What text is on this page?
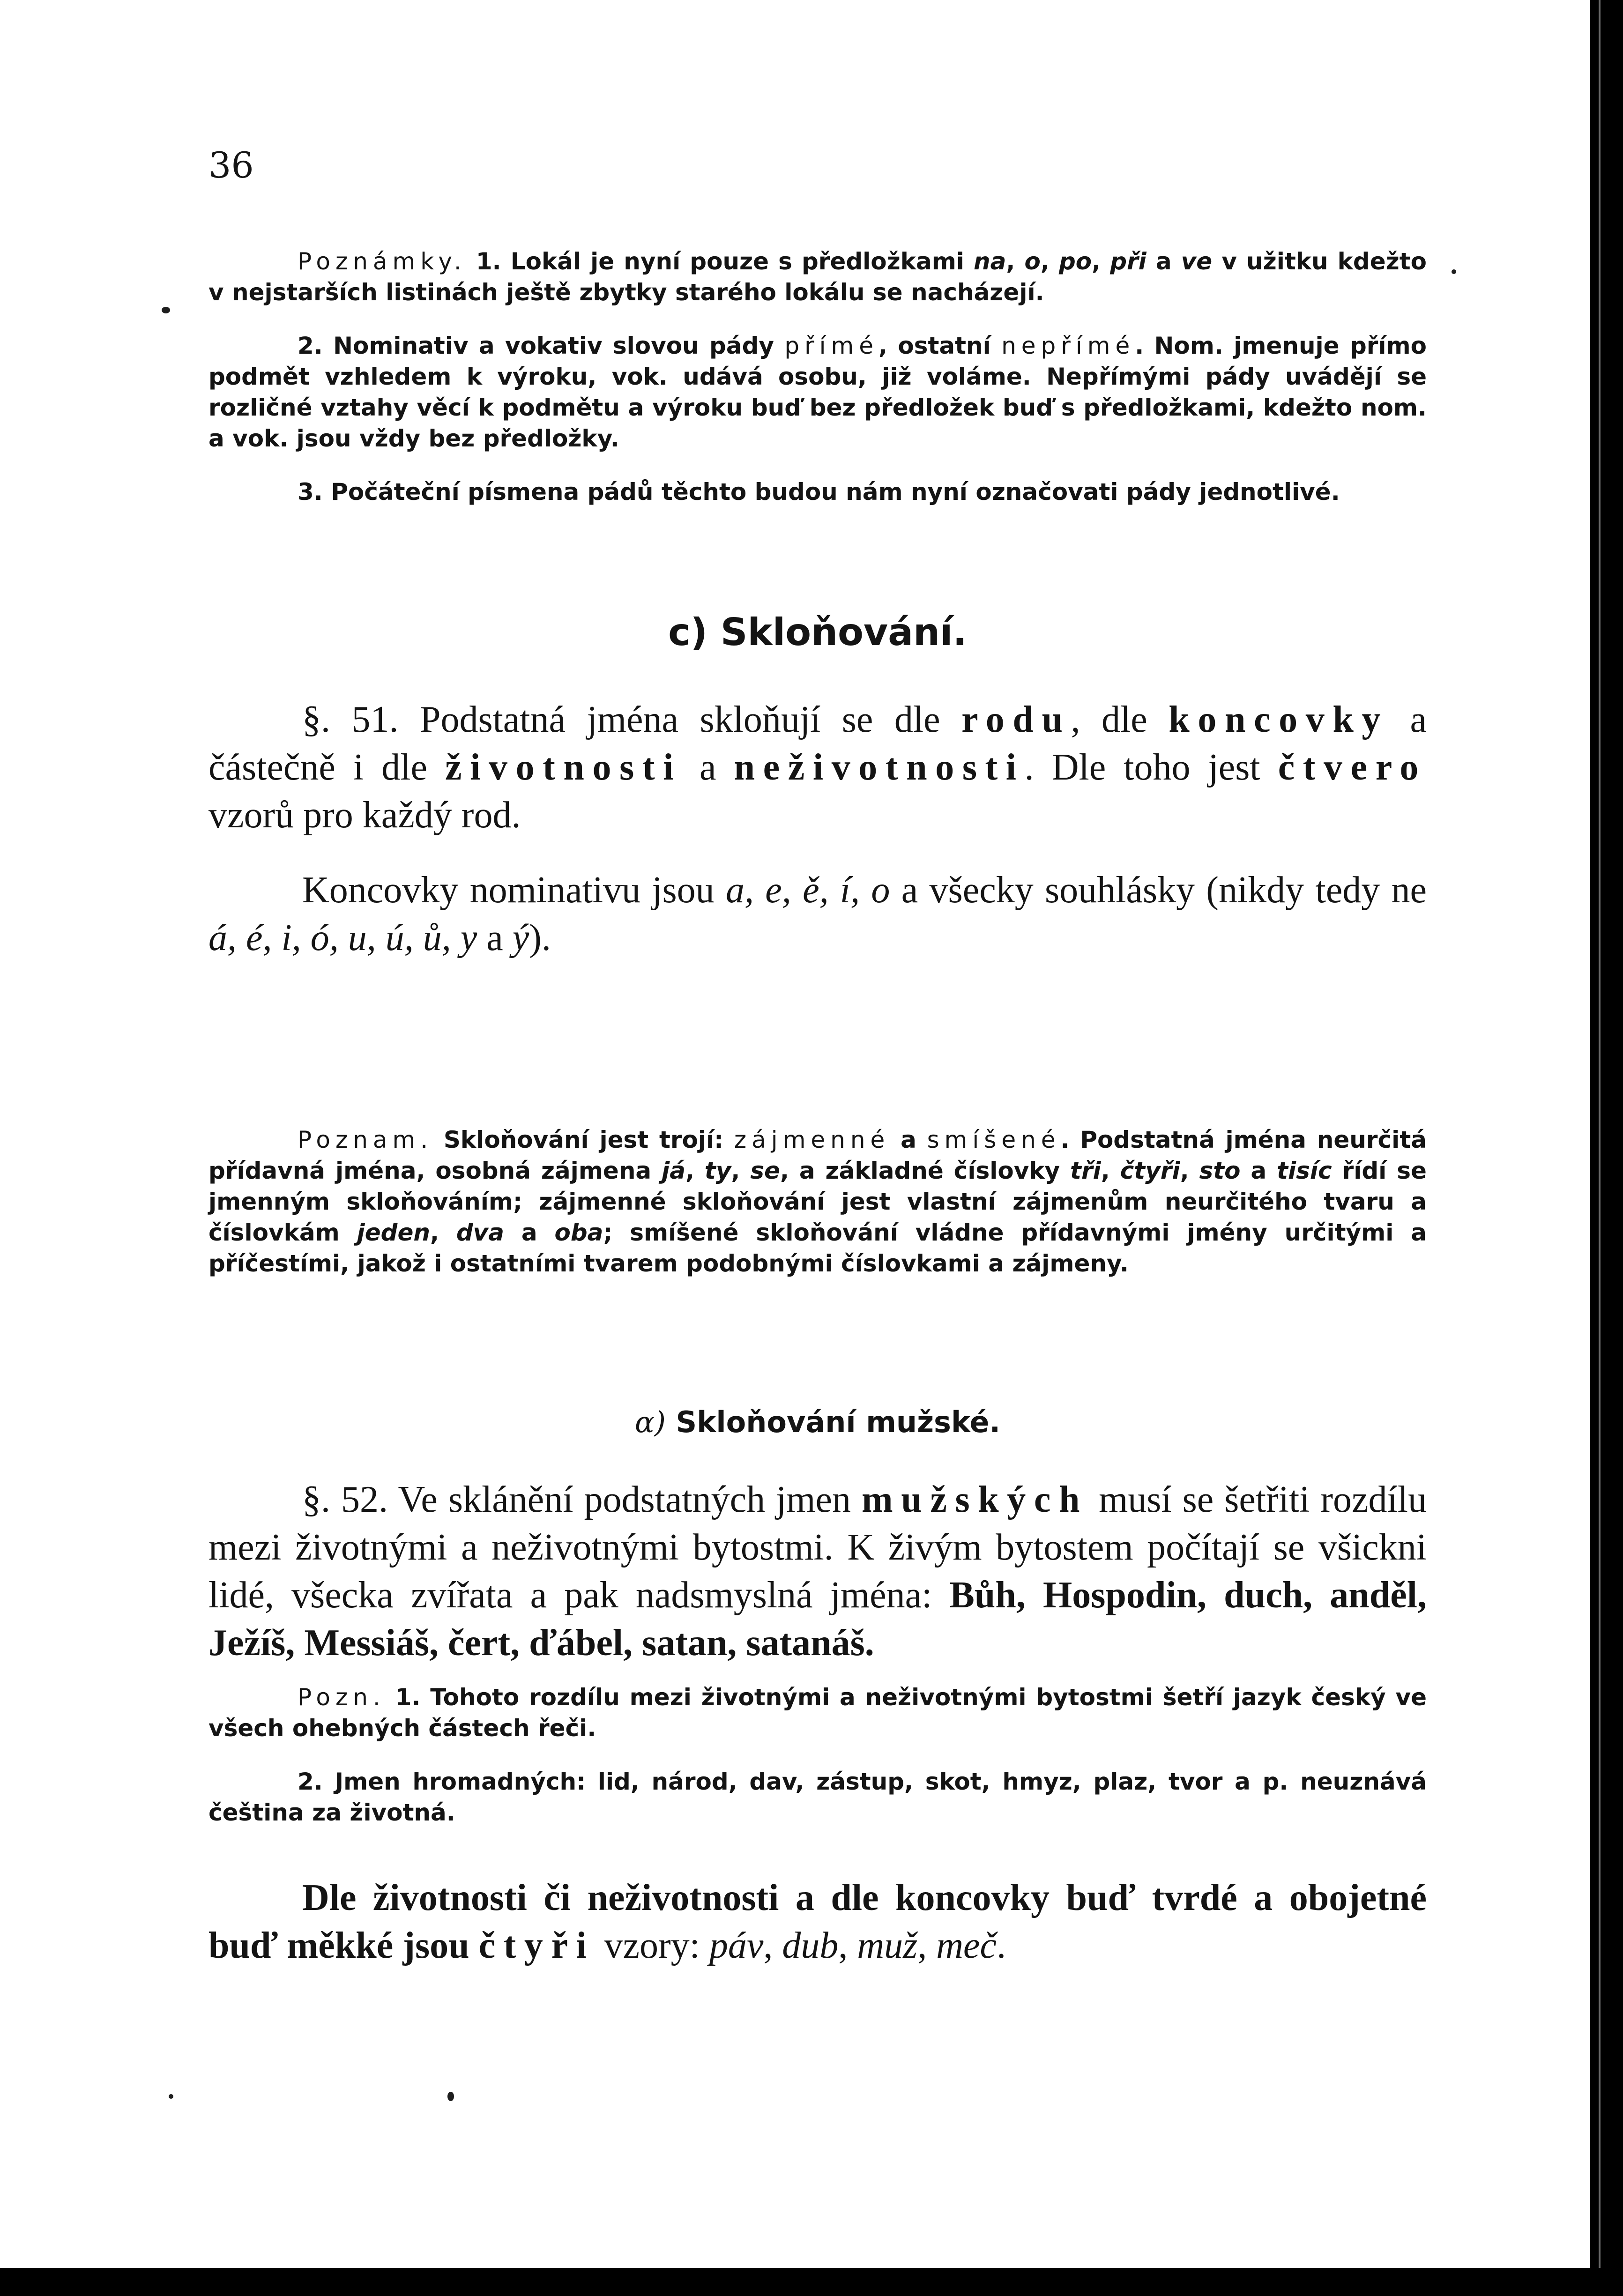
36

Poznámky. 1. Lokál je nyní pouze s předložkami na, o, po, při a ve v užitku kdežto v nejstarších listinách ještě zbytky starého lokálu se nacházejí.

2. Nominativ a vokativ slovou pády přímé, ostatní nepřímé. Nom. jmenuje přímo podmět vzhledem k výroku, vok. udává osobu, již voláme. Nepřímými pády uvádějí se rozličné vztahy věcí k podmětu a výroku buď bez předložek buď s předložkami, kdežto nom. a vok. jsou vždy bez předložky.

3. Počáteční písmena pádů těchto budou nám nyní označovati pády jednotlivé.

c) Skloňování.

§. 51. Podstatná jména skloňují se dle rodu, dle koncovky a částečně i dle životnosti a neživotnosti. Dle toho jest čtvero vzorů pro každý rod.

Koncovky nominativu jsou a, e, ě, í, o a všecky souhlásky (nikdy tedy ne á, é, i, ó, u, ú, ů, y a ý).

Poznam. Skloňování jest trojí: zájmenné a smíšené. Podstatná jména neurčitá přídavná jména, osobná zájmena já, ty, se, a základné číslovky tři, čtyři, sto a tisíc řídí se jmenným skloňováním; zájmenné skloňování jest vlastní zájmenům neurčitého tvaru a číslovkám jeden, dva a oba; smíšené skloňování vládne přídavnými jmény určitými a příčestími, jakož i ostatními tvarem podobnými číslovkami a zájmeny.

α) Skloňování mužské.

§. 52. Ve sklánění podstatných jmen mužských musí se šetřiti rozdílu mezi životnými a neživotnými bytostmi. K živým bytostem počítají se všickni lidé, všecka zvířata a pak nadsmyslná jména: Bůh, Hospodin, duch, anděl, Ježíš, Messiáš, čert, ďábel, satan, satanáš.

Pozn. 1. Tohoto rozdílu mezi životnými a neživotnými bytostmi šetří jazyk český ve všech ohebných částech řeči.

2. Jmen hromadných: lid, národ, dav, zástup, skot, hmyz, plaz, tvor a p. neuznává čeština za životná.

Dle životnosti či neživotnosti a dle koncovky buď tvrdé a obojetné buď měkké jsou čtyři vzory: páv, dub, muž, meč.
